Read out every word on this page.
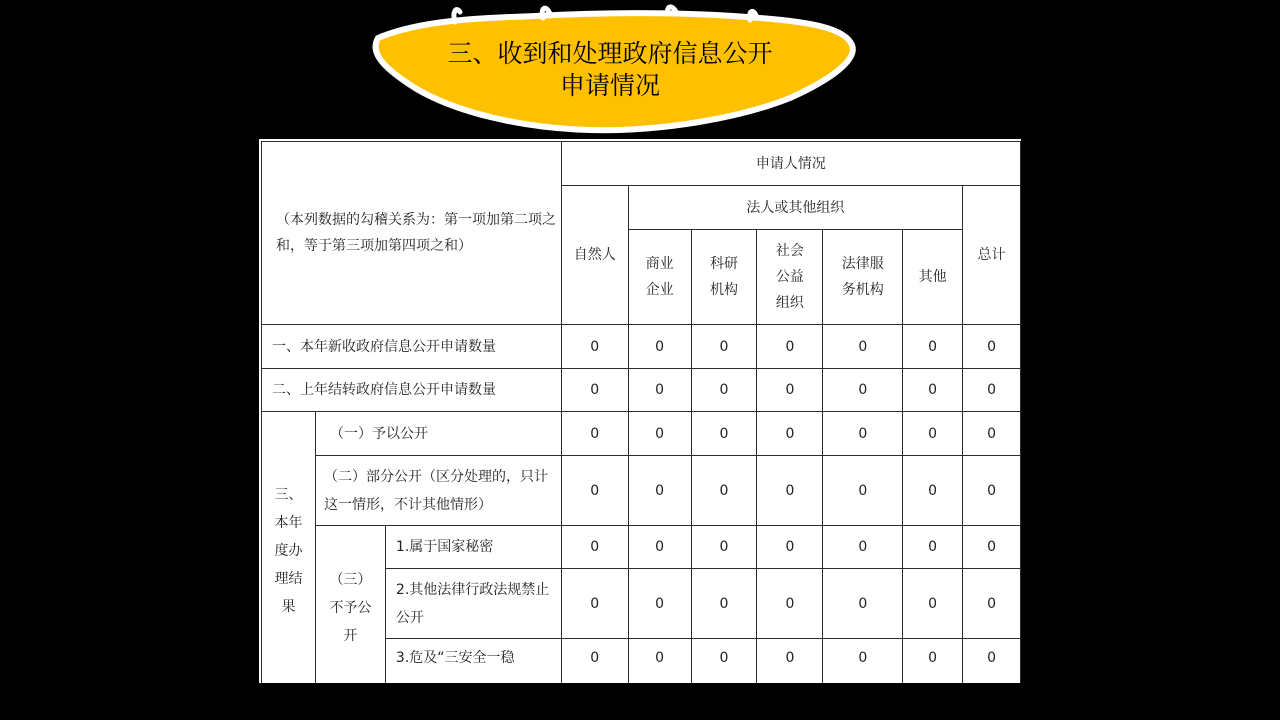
三、收到和处理政府信息公开
申请情况
（本列数据的勾稽关系为：第一项加第二项之和，等于第三项加第四项之和）			申请人情况						
			自然人	法人或其他组织					总计
				商业企业	科研机构	社会公益组织	法律服务机构	其他	
一、本年新收政府信息公开申请数量			0	0	0	0	0	0	0
二、上年结转政府信息公开申请数量			0	0	0	0	0	0	0
三、本年度办理结果	（一）予以公开		0	0	0	0	0	0	0
	（二）部分公开（区分处理的，只计这一情形，不计其他情形）		0	0	0	0	0	0	0
	（三）不予公开	1.属于国家秘密	0	0	0	0	0	0	0
		2.其他法律行政法规禁止公开	0	0	0	0	0	0	0
		3.危及“三安全一稳	0	0	0	0	0	0	0
